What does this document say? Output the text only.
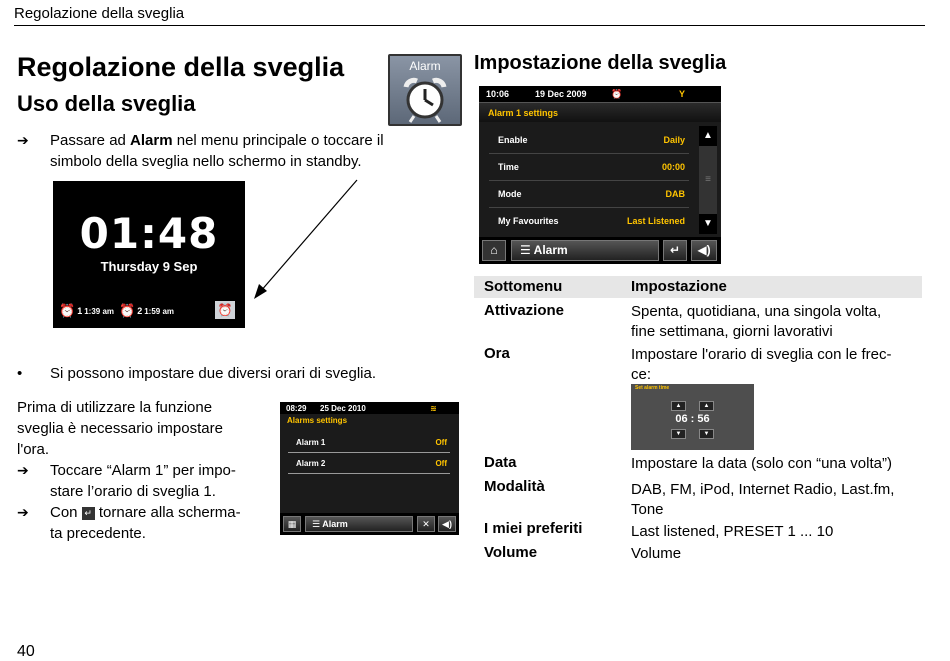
Regolazione della sveglia
Regolazione della sveglia
Uso della sveglia
Alarm
➔ Passare ad Alarm nel menu principale o toccare il simbolo della sveglia nello schermo in standby.
01:48
Thursday 9 Sep
⏰ 1 1:39 am ⏰ 2 1:59 am	⏰
• Si possono impostare due diversi orari di sveglia.
Prima di utilizzare la funzione
sveglia è necessario impostare
l'ora.
➔ Toccare “Alarm 1” per impo-
stare l’orario di sveglia 1.
➔ Con ↵ tornare alla scherma-
ta precedente.
08:29 25 Dec 2010	≋
Alarms settings
Alarm 1	Off
Alarm 2	Off
▦	☰ Alarm	✕	◀)
Impostazione della sveglia
10:06	19 Dec 2009	⏰	Y
Alarm 1 settings
Enable	Daily
Time	00:00
Mode	DAB
My Favourites	Last Listened
▲
≡
▼
⌂	☰ Alarm	↵	◀)
Sottomenu	Impostazione
Attivazione	Spenta, quotidiana, una singola volta,
fine settimana, giorni lavorativi
Ora	Impostare l'orario di sveglia con le frec-
ce:
Data	Impostare la data (solo con “una volta”)
Modalità	DAB, FM, iPod, Internet Radio, Last.fm,
Tone
I miei preferiti	Last listened, PRESET 1 ... 10
Volume	Volume
Set alarm time
▲	▲
06 : 56
▼	▼
40
